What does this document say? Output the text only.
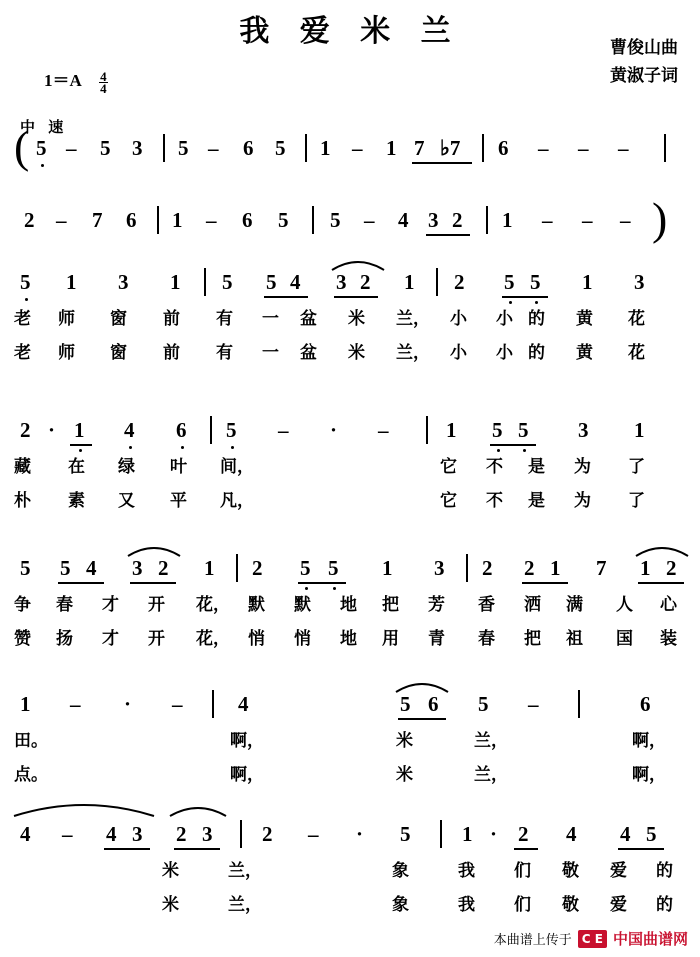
我 爱 米 兰	曹俊山曲
黄淑子词
$1=A \frac{4}{4}$
中 速
( 5 – 5 3 5 – 6 5 1 – 1 7 ♭7 6 – – –
2 – 7 6 1 – 6 5 5 – 4 3 2 1 – – – )
5 1 3 1 5 5 4 3 2 1 2 5 5 1 3
老 师 窗 前 有 一 盆 米 兰， 小 小 的 黄 花
老 师 窗 前 有 一 盆 米 兰， 小 小 的 黄 花
2 · 1 4 6 5 – · –	1 5 5 3 1
藏 在 绿 叶 间，	它 不 是 为 了
朴 素 又 平 凡，	它 不 是 为 了
5 5 4 3 2 1 2 5 5 1 3 2 2 1 7 1 2
争 春 才 开 花， 默 默 地 把 芳 香 洒 满 人 心
赞 扬 才 开 花， 悄 悄 地 用 青 春 把 祖 国 装
1 – · –	4	5 6 5 –	6
田。	啊，	米	兰，	啊，
点。	啊，	米	兰，	啊，
4 – 4 3 2 3 2 – · 5 1 · 2 4 4 5
米	兰，	象	我 们 敬 爱 的
米	兰，	象	我 们 敬 爱 的
本曲谱上传于 C E 中国曲谱网
